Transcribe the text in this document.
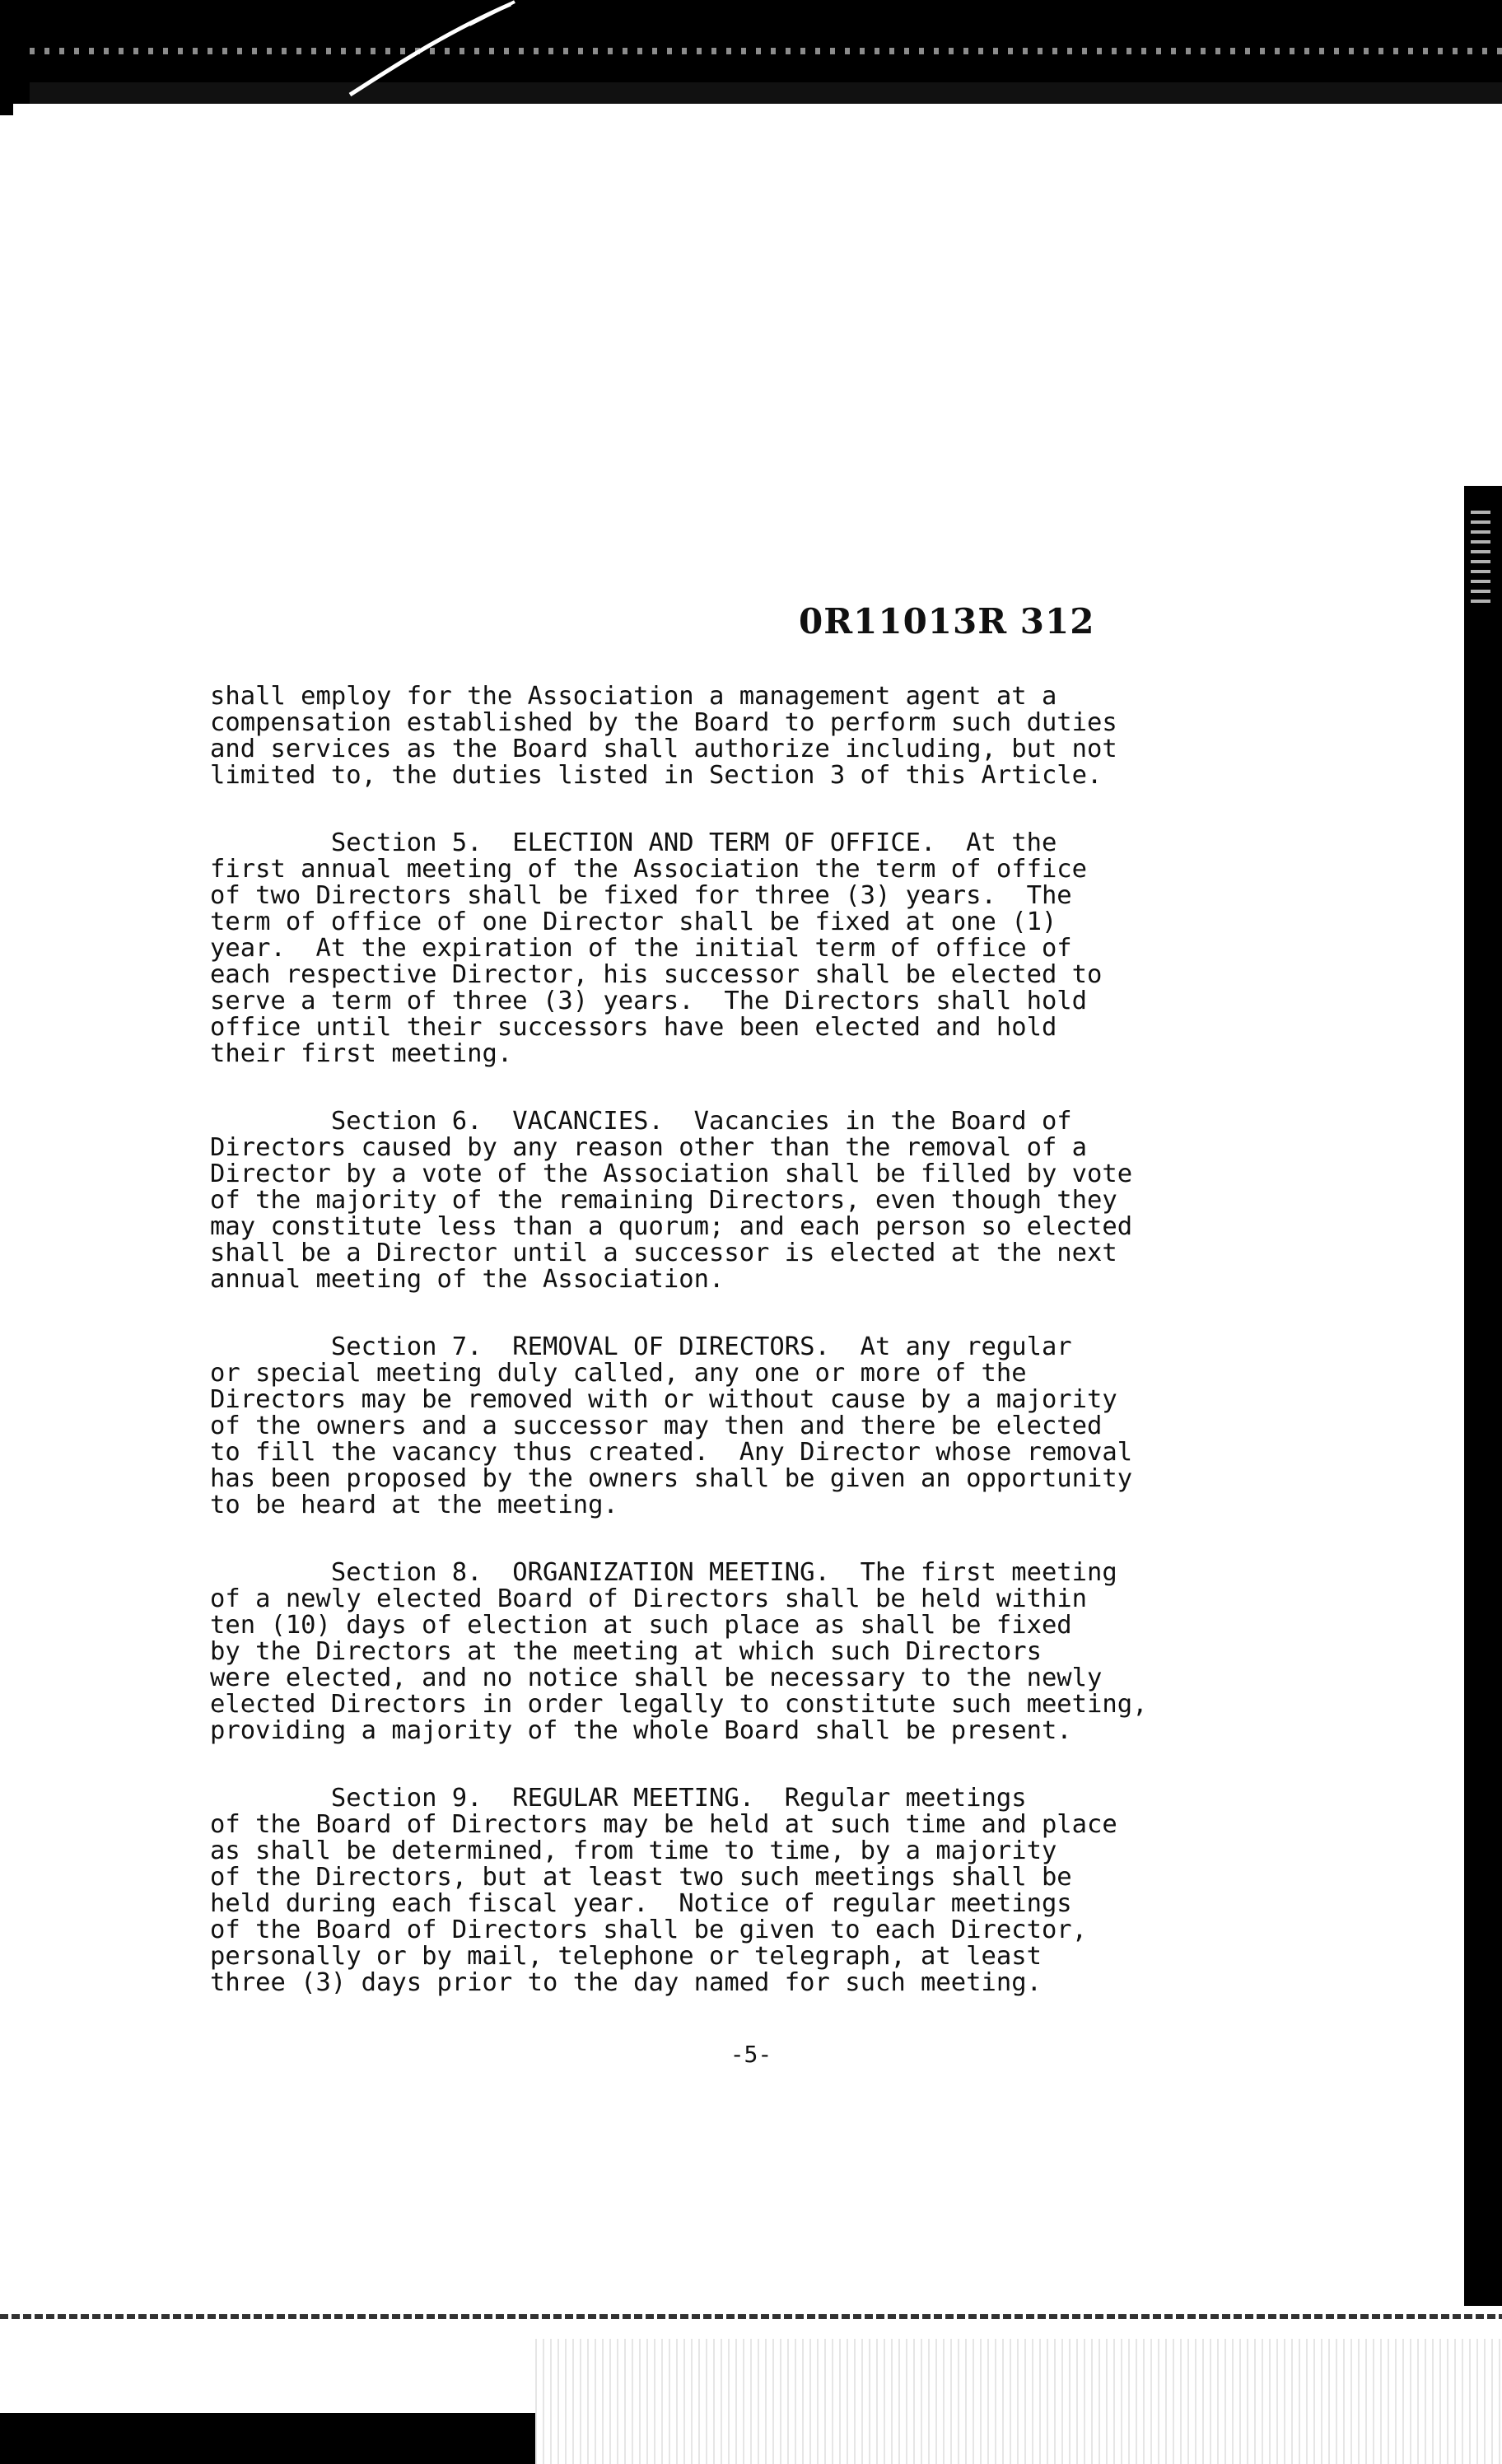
0R11013R 312

shall employ for the Association a management agent at a
compensation established by the Board to perform such duties
and services as the Board shall authorize including, but not
limited to, the duties listed in Section 3 of this Article.

Section 5.  ELECTION AND TERM OF OFFICE.  At the
first annual meeting of the Association the term of office
of two Directors shall be fixed for three (3) years.  The
term of office of one Director shall be fixed at one (1)
year.  At the expiration of the initial term of office of
each respective Director, his successor shall be elected to
serve a term of three (3) years.  The Directors shall hold
office until their successors have been elected and hold
their first meeting.

Section 6.  VACANCIES.  Vacancies in the Board of
Directors caused by any reason other than the removal of a
Director by a vote of the Association shall be filled by vote
of the majority of the remaining Directors, even though they
may constitute less than a quorum; and each person so elected
shall be a Director until a successor is elected at the next
annual meeting of the Association.

Section 7.  REMOVAL OF DIRECTORS.  At any regular
or special meeting duly called, any one or more of the
Directors may be removed with or without cause by a majority
of the owners and a successor may then and there be elected
to fill the vacancy thus created.  Any Director whose removal
has been proposed by the owners shall be given an opportunity
to be heard at the meeting.

Section 8.  ORGANIZATION MEETING.  The first meeting
of a newly elected Board of Directors shall be held within
ten (10) days of election at such place as shall be fixed
by the Directors at the meeting at which such Directors
were elected, and no notice shall be necessary to the newly
elected Directors in order legally to constitute such meeting,
providing a majority of the whole Board shall be present.

Section 9.  REGULAR MEETING.  Regular meetings
of the Board of Directors may be held at such time and place
as shall be determined, from time to time, by a majority
of the Directors, but at least two such meetings shall be
held during each fiscal year.  Notice of regular meetings
of the Board of Directors shall be given to each Director,
personally or by mail, telephone or telegraph, at least
three (3) days prior to the day named for such meeting.

-5-
